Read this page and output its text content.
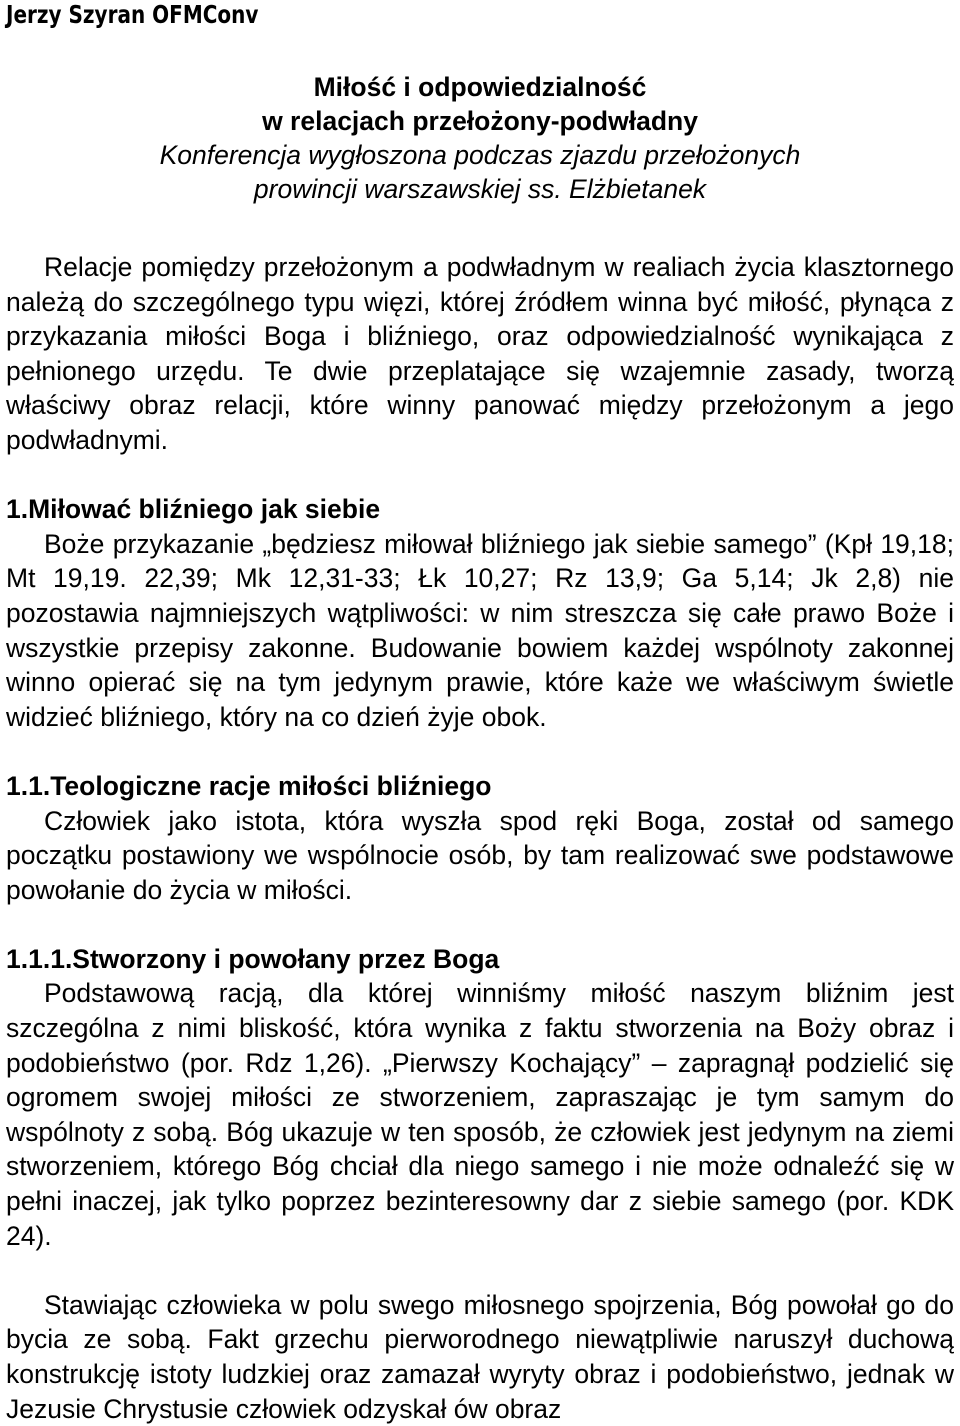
Jerzy Szyran OFMConv
Miłość i odpowiedzialność
w relacjach przełożony-podwładny
Konferencja wygłoszona podczas zjazdu przełożonych
prowincji warszawskiej ss. Elżbietanek

Relacje pomiędzy przełożonym a podwładnym w realiach życia klasztornego należą do szczególnego typu więzi, której źródłem winna być miłość, płynąca z przykazania miłości Boga i bliźniego, oraz odpowiedzialność wynikająca z pełnionego urzędu. Te dwie przeplatające się wzajemnie zasady, tworzą właściwy obraz relacji, które winny panować między przełożonym a jego podwładnymi.

1.Miłować bliźniego jak siebie

Boże przykazanie „będziesz miłował bliźniego jak siebie samego” (Kpł 19,18; Mt 19,19. 22,39; Mk 12,31-33; Łk 10,27; Rz 13,9; Ga 5,14; Jk 2,8) nie pozostawia najmniejszych wątpliwości: w nim streszcza się całe prawo Boże i wszystkie przepisy zakonne. Budowanie bowiem każdej wspólnoty zakonnej winno opierać się na tym jedynym prawie, które każe we właściwym świetle widzieć bliźniego, który na co dzień żyje obok.

1.1.Teologiczne racje miłości bliźniego

Człowiek jako istota, która wyszła spod ręki Boga, został od samego początku postawiony we wspólnocie osób, by tam realizować swe podstawowe powołanie do życia w miłości.

1.1.1.Stworzony i powołany przez Boga

Podstawową racją, dla której winniśmy miłość naszym bliźnim jest szczególna z nimi bliskość, która wynika z faktu stworzenia na Boży obraz i podobieństwo (por. Rdz 1,26). „Pierwszy Kochający” – zapragnął podzielić się ogromem swojej miłości ze stworzeniem, zapraszając je tym samym do wspólnoty z sobą. Bóg ukazuje w ten sposób, że człowiek jest jedynym na ziemi stworzeniem, którego Bóg chciał dla niego samego i nie może odnaleźć się w pełni inaczej, jak tylko poprzez bezinteresowny dar z siebie samego (por. KDK 24).

Stawiając człowieka w polu swego miłosnego spojrzenia, Bóg powołał go do bycia ze sobą. Fakt grzechu pierworodnego niewątpliwie naruszył duchową konstrukcję istoty ludzkiej oraz zamazał wyryty obraz i podobieństwo, jednak w Jezusie Chrystusie człowiek odzyskał ów obraz
